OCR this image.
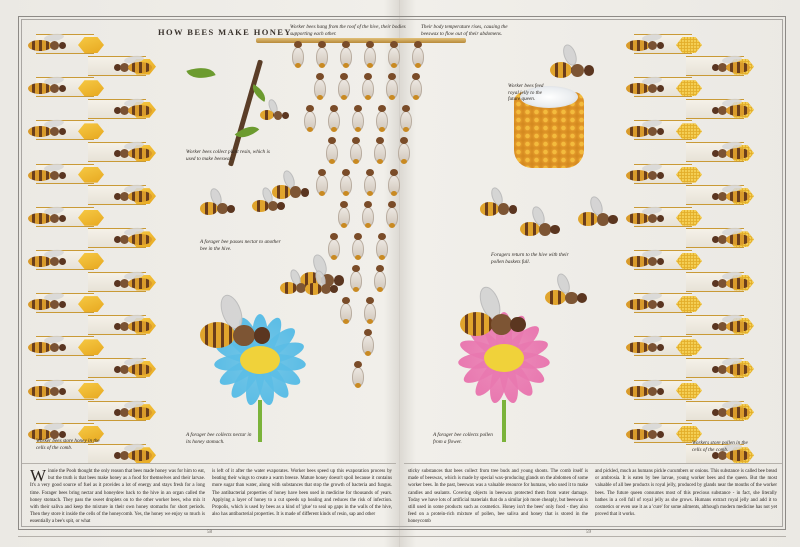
HOW BEES MAKE HONEY

Worker bees hang from the roof of the hive, their bodies supporting each other.

Their body temperature rises, causing the beeswax to flow out of their abdomens.

Worker bees collect plant resin, which is used to make beeswax.

Worker bees feed royal jelly to the future queen.

A forager bee passes nectar to another bee in the hive.

Foragers return to the hive with their pollen baskets full.

Worker bees store honey in the cells of the comb.

A forager bee collects nectar in its honey stomach.

A forager bee collects pollen from a flower.	Workers store pollen in the cells of the comb.

Winnie the Pooh thought the only reason that bees made honey was for him to eat, but the truth is that bees make honey as a food for themselves and their larvae. It's a very good source of fuel as it provides a lot of energy and stays fresh for a long time. Forager bees bring nectar and honeydew back to the hive in an organ called the honey stomach. They pass the sweet droplets on to the other worker bees, who mix it with their saliva and keep the mixture in their own honey stomachs for short periods. Then they store it inside the cells of the honeycomb. Yes, the honey we enjoy so much is essentially a bee's spit, or what
is left of it after the water evaporates. Worker bees speed up this evaporation process by beating their wings to create a warm breeze. Mature honey doesn't spoil because it contains more sugar than water, along with substances that stop the growth of bacteria and fungus. The antibacterial properties of honey have been used in medicine for thousands of years. Applying a layer of honey to a cut speeds up healing and reduces the risk of infection. Propolis, which is used by bees as a kind of 'glue' to seal up gaps in the walls of the hive, also has antibacterial properties. It is made of different kinds of resin, sap and other
sticky substances that bees collect from tree buds and young shoots. The comb itself is made of beeswax, which is made by special wax-producing glands on the abdomen of some worker bees. In the past, beeswax was a valuable resource for humans, who used it to make candles and sealants. Covering objects in beeswax protected them from water damage. Today we have lots of artificial materials that do a similar job more cheaply, but beeswax is still used in some products such as cosmetics. Honey isn't the bees' only food - they also feed on a protein-rich mixture of pollen, bee saliva and honey that is stored in the honeycomb
and pickled, much as humans pickle cucumbers or onions. This substance is called bee bread or ambrosia. It is eaten by bee larvae, young worker bees and the queen. But the most valuable of all bee products is royal jelly, produced by glands near the mouths of the worker bees. The future queen consumes most of this precious substance - in fact, she literally bathes in a cell full of royal jelly as she grows. Humans extract royal jelly and add it to cosmetics or even use it as a 'cure' for some ailments, although modern medicine has not yet proved that it works.
58	59
